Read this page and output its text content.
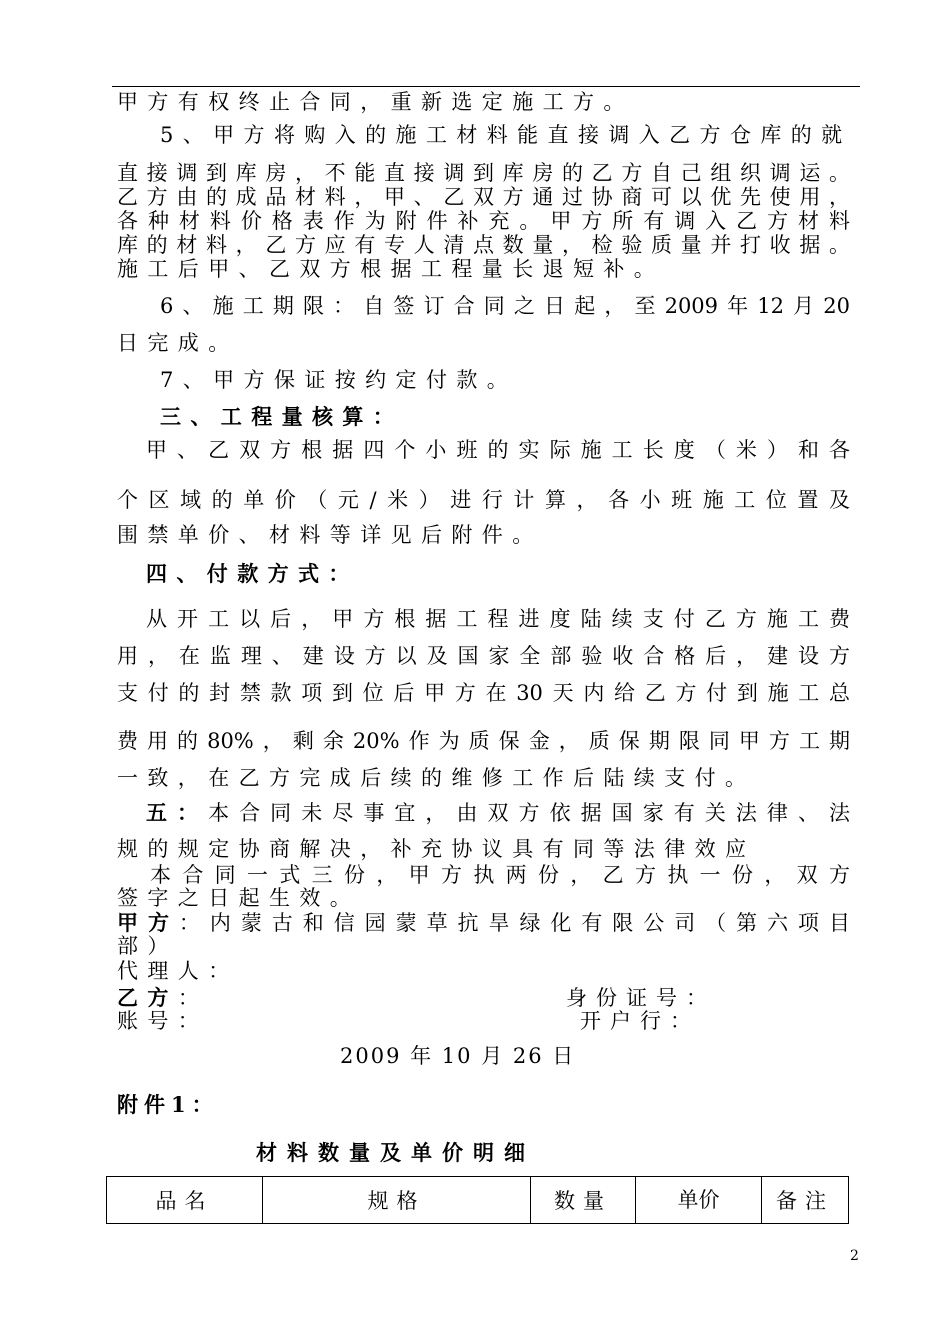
甲方有权终止合同，重新选定施工方。
5、甲方将购入的施工材料能直接调入乙方仓库的就
直接调到库房，不能直接调到库房的乙方自己组织调运。
乙方由的成品材料，甲、乙双方通过协商可以优先使用，
各种材料价格表作为附件补充。甲方所有调入乙方材料
库的材料，乙方应有专人清点数量，检验质量并打收据。
施工后甲、乙双方根据工程量长退短补。
6、施工期限：自签订合同之日起，至2009年12月20
日完成。
7、甲方保证按约定付款。
三、工程量核算：
甲、乙双方根据四个小班的实际施工长度（米）和各
个区域的单价（元/米）进行计算，各小班施工位置及
围禁单价、材料等详见后附件。
四、付款方式：
从开工以后，甲方根据工程进度陆续支付乙方施工费
用，在监理、建设方以及国家全部验收合格后，建设方
支付的封禁款项到位后甲方在30天内给乙方付到施工总
费用的80%，剩余20%作为质保金，质保期限同甲方工期
一致，在乙方完成后续的维修工作后陆续支付。
五：本合同未尽事宜，由双方依据国家有关法律、法
规的规定协商解决，补充协议具有同等法律效应
本合同一式三份，甲方执两份，乙方执一份，双方
签字之日起生效。
甲方：内蒙古和信园蒙草抗旱绿化有限公司（第六项目
部）
代理人：
乙方：	身份证号：
账号：	开户行：
2009 年 10 月 26 日
附件1：
材料数量及单价明细
品名	规格	数量	单价	备注
2
